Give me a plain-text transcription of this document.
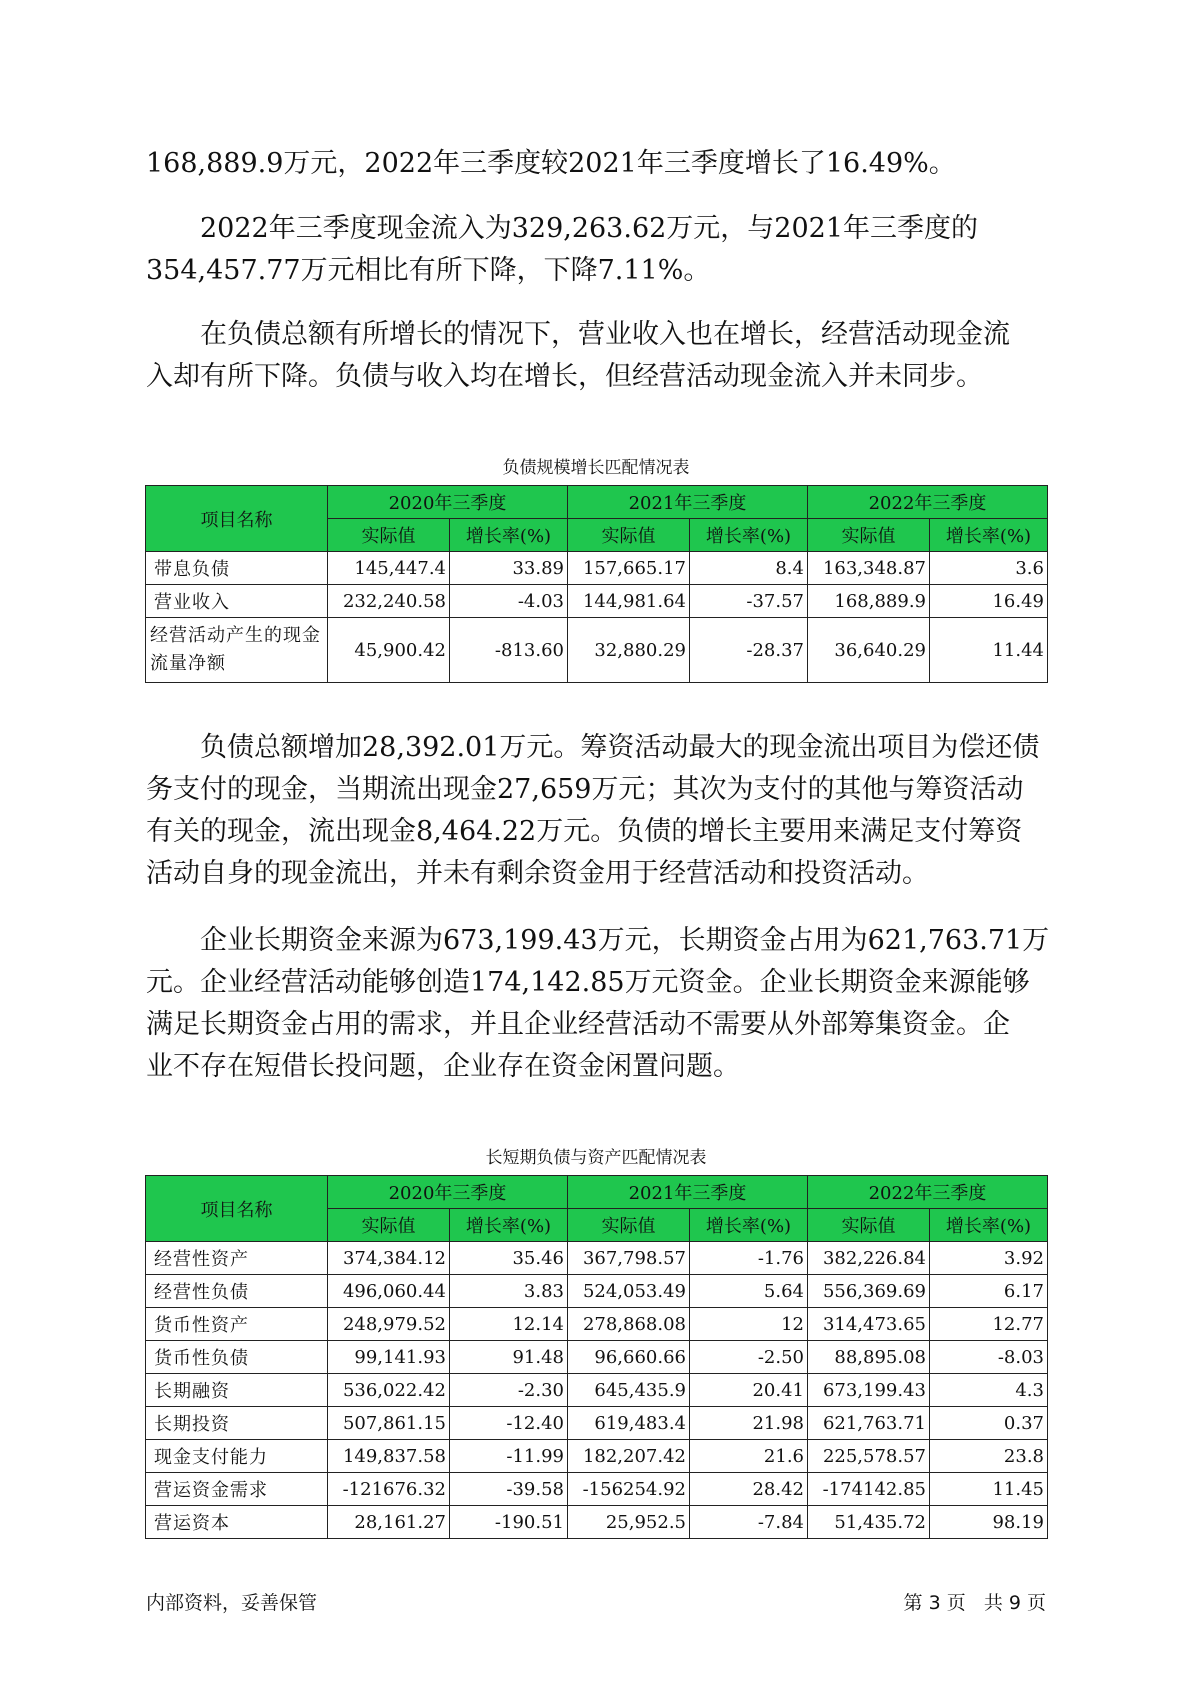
168,889.9万元，2022年三季度较2021年三季度增长了16.49%。

　　2022年三季度现金流入为329,263.62万元，与2021年三季度的
354,457.77万元相比有所下降，下降7.11%。

　　在负债总额有所增长的情况下，营业收入也在增长，经营活动现金流
入却有所下降。负债与收入均在增长，但经营活动现金流入并未同步。

负债规模增长匹配情况表
项目名称	2020年三季度		2021年三季度		2022年三季度	
	实际值	增长率(%)	实际值	增长率(%)	实际值	增长率(%)
带息负债	145,447.4	33.89	157,665.17	8.4	163,348.87	3.6
营业收入	232,240.58	-4.03	144,981.64	-37.57	168,889.9	16.49
经营活动产生的现金流量净额	45,900.42	-813.60	32,880.29	-28.37	36,640.29	11.44

　　负债总额增加28,392.01万元。筹资活动最大的现金流出项目为偿还债
务支付的现金，当期流出现金27,659万元；其次为支付的其他与筹资活动
有关的现金，流出现金8,464.22万元。负债的增长主要用来满足支付筹资
活动自身的现金流出，并未有剩余资金用于经营活动和投资活动。

　　企业长期资金来源为673,199.43万元，长期资金占用为621,763.71万
元。企业经营活动能够创造174,142.85万元资金。企业长期资金来源能够
满足长期资金占用的需求，并且企业经营活动不需要从外部筹集资金。企
业不存在短借长投问题，企业存在资金闲置问题。

长短期负债与资产匹配情况表
项目名称	2020年三季度		2021年三季度		2022年三季度	
	实际值	增长率(%)	实际值	增长率(%)	实际值	增长率(%)
经营性资产	374,384.12	35.46	367,798.57	-1.76	382,226.84	3.92
经营性负债	496,060.44	3.83	524,053.49	5.64	556,369.69	6.17
货币性资产	248,979.52	12.14	278,868.08	12	314,473.65	12.77
货币性负债	99,141.93	91.48	96,660.66	-2.50	88,895.08	-8.03
长期融资	536,022.42	-2.30	645,435.9	20.41	673,199.43	4.3
长期投资	507,861.15	-12.40	619,483.4	21.98	621,763.71	0.37
现金支付能力	149,837.58	-11.99	182,207.42	21.6	225,578.57	23.8
营运资金需求	-121676.32	-39.58	-156254.92	28.42	-174142.85	11.45
营运资本	28,161.27	-190.51	25,952.5	-7.84	51,435.72	98.19
内部资料，妥善保管	第 3 页   共 9 页
